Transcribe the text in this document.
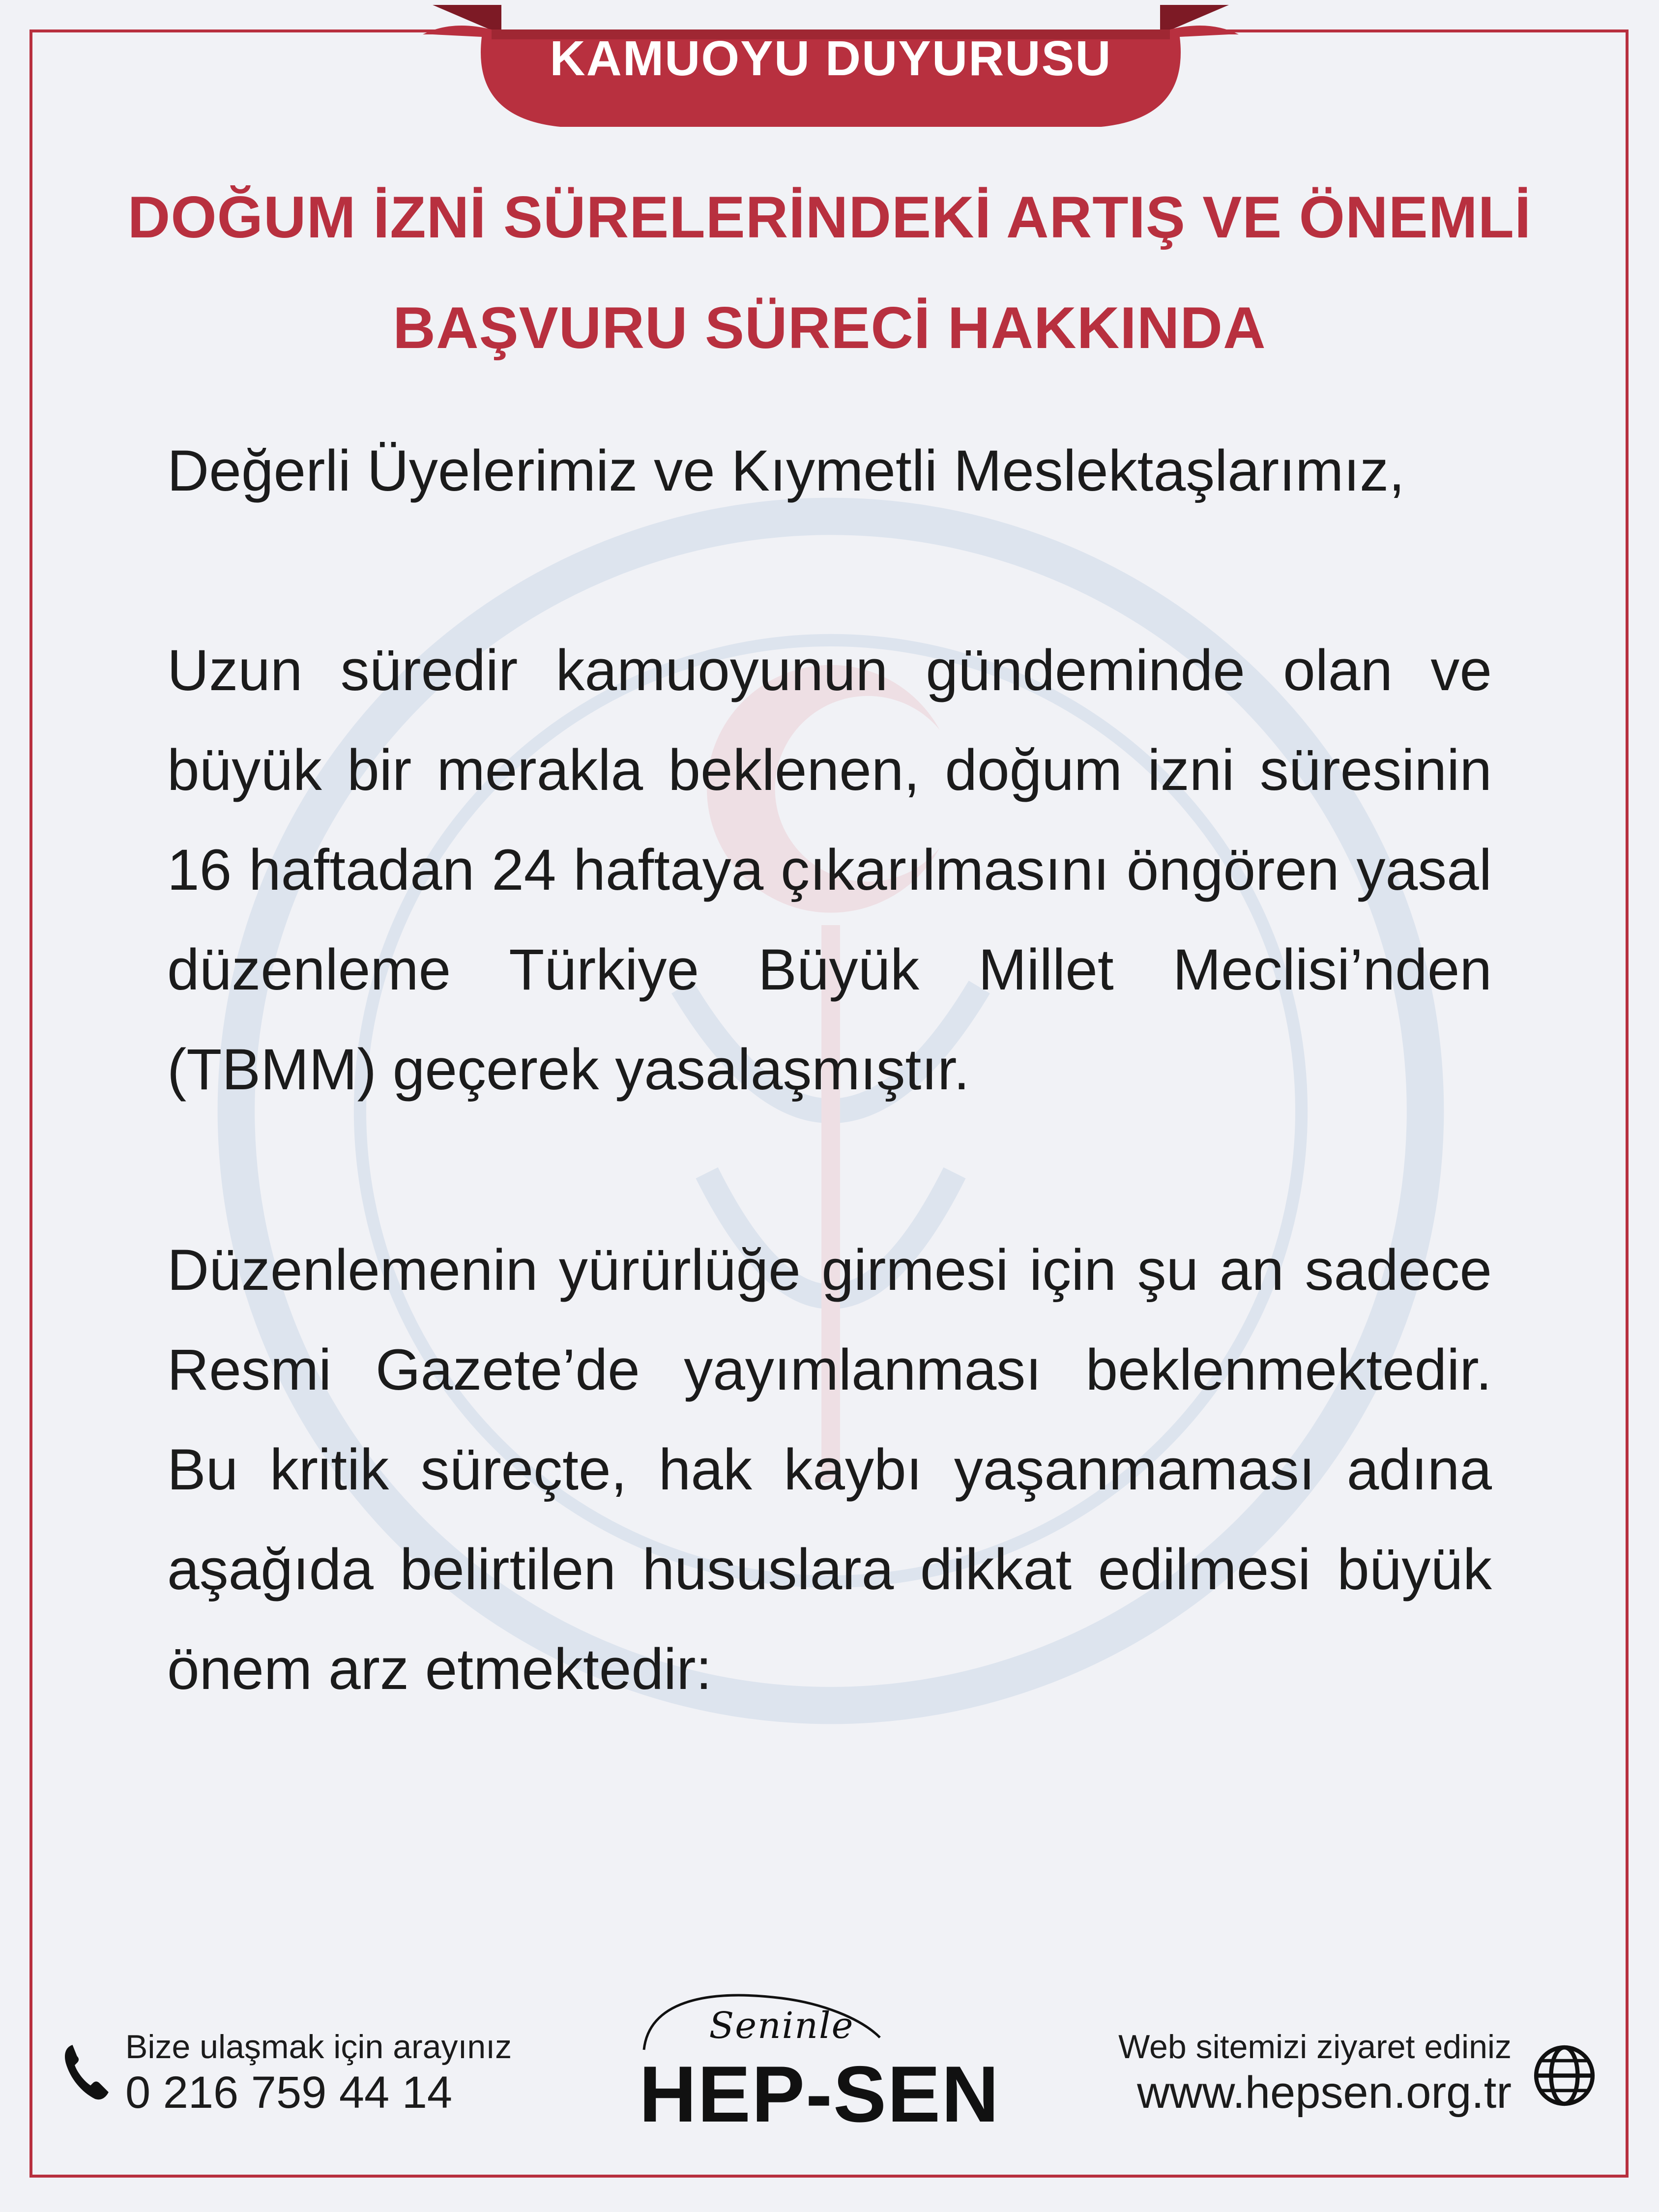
KAMUOYU DUYURUSU
DOĞUM İZNİ SÜRELERİNDEKİ ARTIŞ VE ÖNEMLİ
BAŞVURU SÜRECİ HAKKINDA
Değerli Üyelerimiz ve Kıymetli Meslektaşlarımız,
Uzun süredir kamuoyunun gündeminde olan ve büyük bir merakla beklenen, doğum izni süresinin 16 haftadan 24 haftaya çıkarılmasını öngören yasal düzenleme Türkiye Büyük Millet Meclisi’nden (TBMM) geçerek yasalaşmıştır.
Düzenlemenin yürürlüğe girmesi için şu an sadece Resmi Gazete’de yayımlanması beklenmektedir. Bu kritik süreçte, hak kaybı yaşanmaması adına aşağıda belirtilen hususlara dikkat edilmesi büyük önem arz etmektedir:
Bize ulaşmak için arayınız
0 216 759 44 14
Seninle
HEP-SEN
Web sitemizi ziyaret ediniz
www.hepsen.org.tr
